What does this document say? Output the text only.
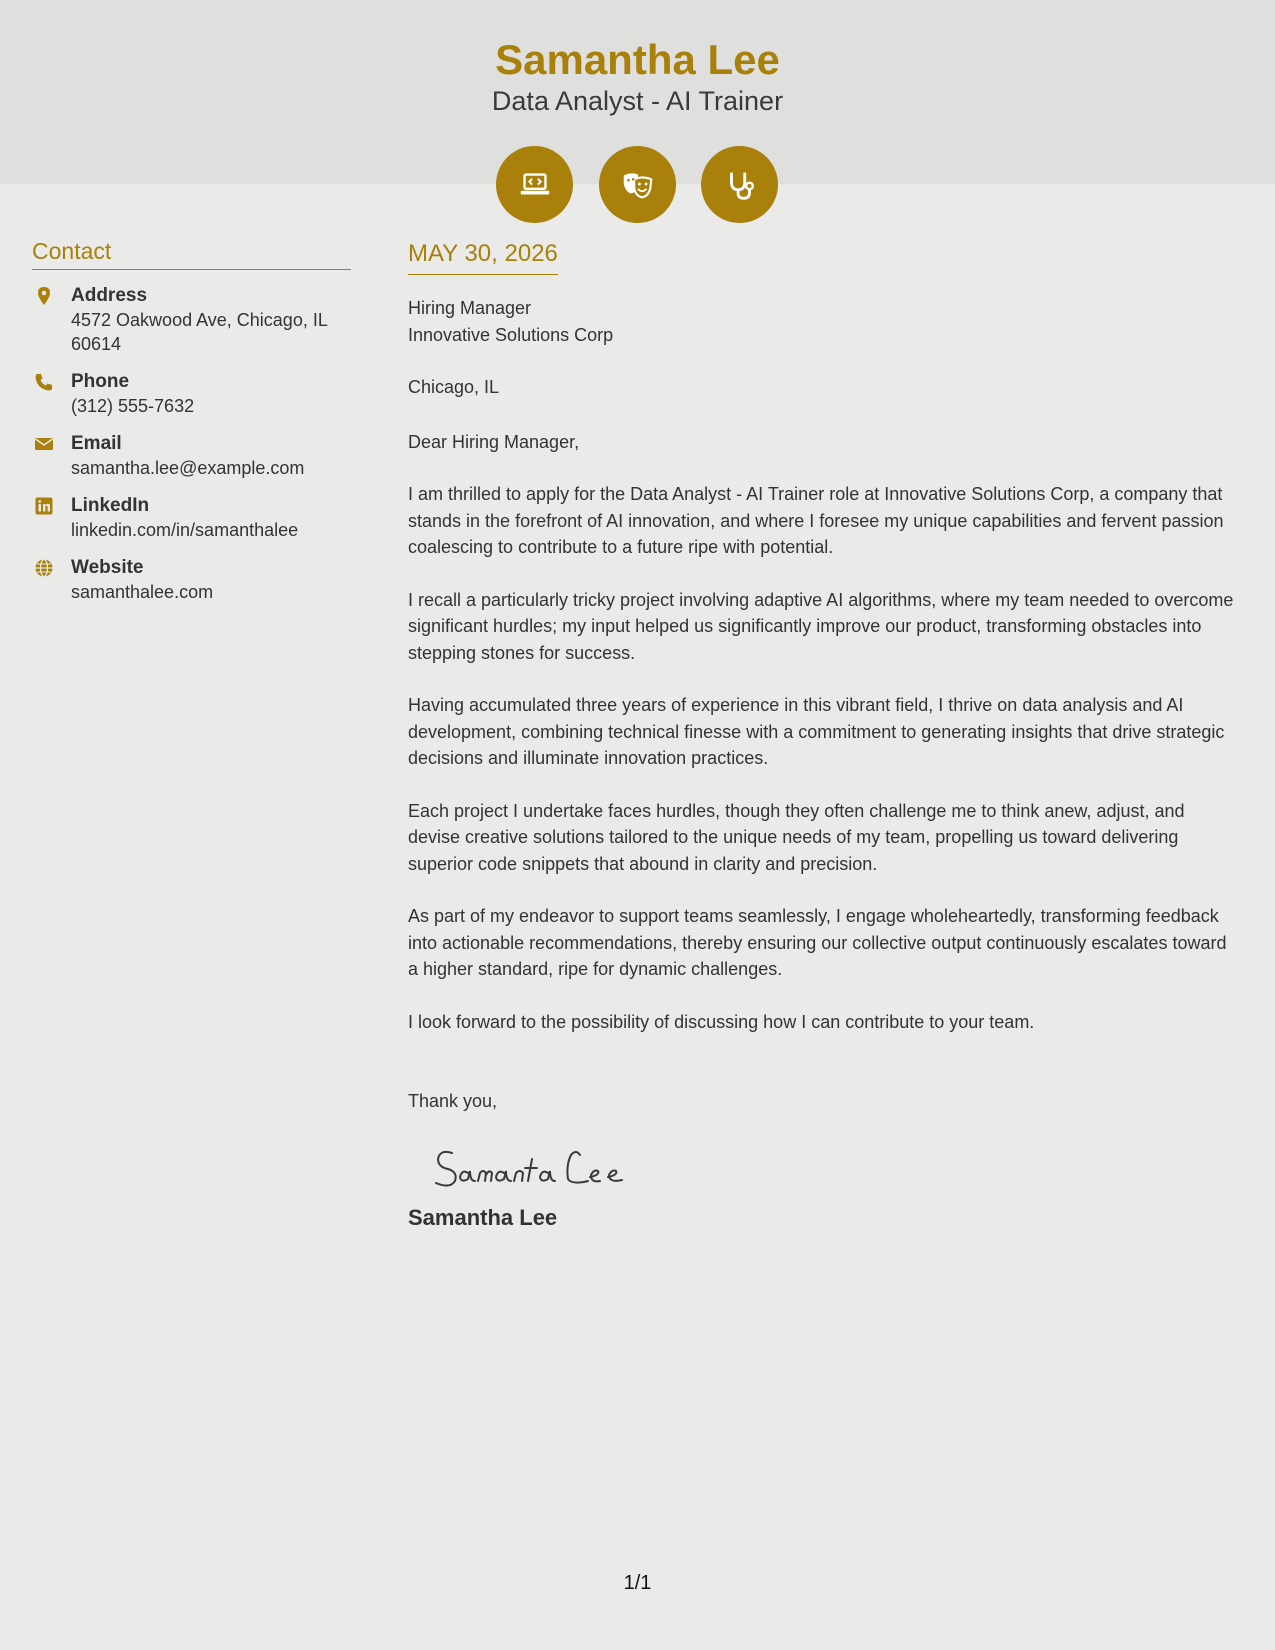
Samantha Lee
Data Analyst - AI Trainer
Contact
Address
4572 Oakwood Ave, Chicago, IL 60614
Phone
(312) 555-7632
Email
samantha.lee@example.com
LinkedIn
linkedin.com/in/samanthalee
Website
samanthalee.com
MAY 30, 2026
Hiring Manager
Innovative Solutions Corp
Chicago, IL
Dear Hiring Manager,
I am thrilled to apply for the Data Analyst - AI Trainer role at Innovative Solutions Corp, a company that stands in the forefront of AI innovation, and where I foresee my unique capabilities and fervent passion coalescing to contribute to a future ripe with potential.
I recall a particularly tricky project involving adaptive AI algorithms, where my team needed to overcome significant hurdles; my input helped us significantly improve our product, transforming obstacles into stepping stones for success.
Having accumulated three years of experience in this vibrant field, I thrive on data analysis and AI development, combining technical finesse with a commitment to generating insights that drive strategic decisions and illuminate innovation practices.
Each project I undertake faces hurdles, though they often challenge me to think anew, adjust, and devise creative solutions tailored to the unique needs of my team, propelling us toward delivering superior code snippets that abound in clarity and precision.
As part of my endeavor to support teams seamlessly, I engage wholeheartedly, transforming feedback into actionable recommendations, thereby ensuring our collective output continuously escalates toward a higher standard, ripe for dynamic challenges.
I look forward to the possibility of discussing how I can contribute to your team.
Thank you,
Samantha Lee
1/1
